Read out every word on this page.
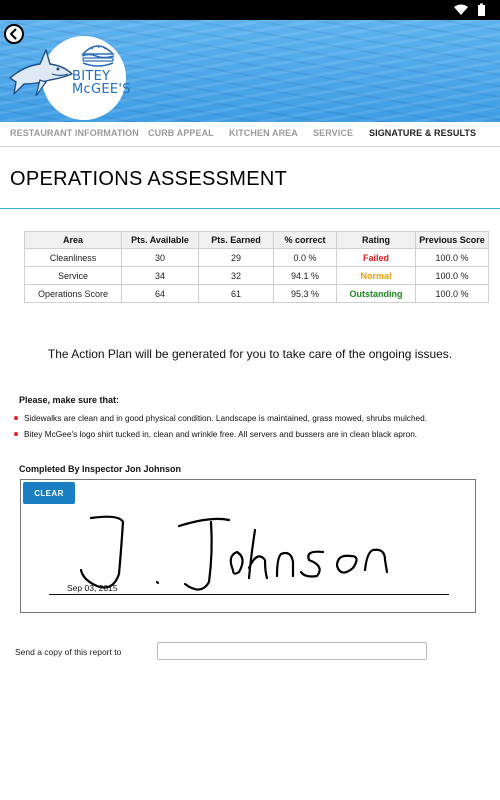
BITEY McGEE'S
RESTAURANT INFORMATION CURB APPEAL KITCHEN AREA SERVICE SIGNATURE & RESULTS
OPERATIONS ASSESSMENT
Area	Pts. Available	Pts. Earned	% correct	Rating	Previous Score
Cleanliness	30	29	0.0 %	Failed	100.0 %
Service	34	32	94.1 %	Normal	100.0 %
Operations Score	64	61	95.3 %	Outstanding	100.0 %
The Action Plan will be generated for you to take care of the ongoing issues.
Please, make sure that:
Sidewalks are clean and in good physical condition. Landscape is maintained, grass mowed, shrubs mulched.
Bitey McGee's logo shirt tucked in, clean and wrinkle free. All servers and bussers are in clean black apron.
Completed By Inspector Jon Johnson
CLEAR
Sep 03, 2015
Send a copy of this report to
